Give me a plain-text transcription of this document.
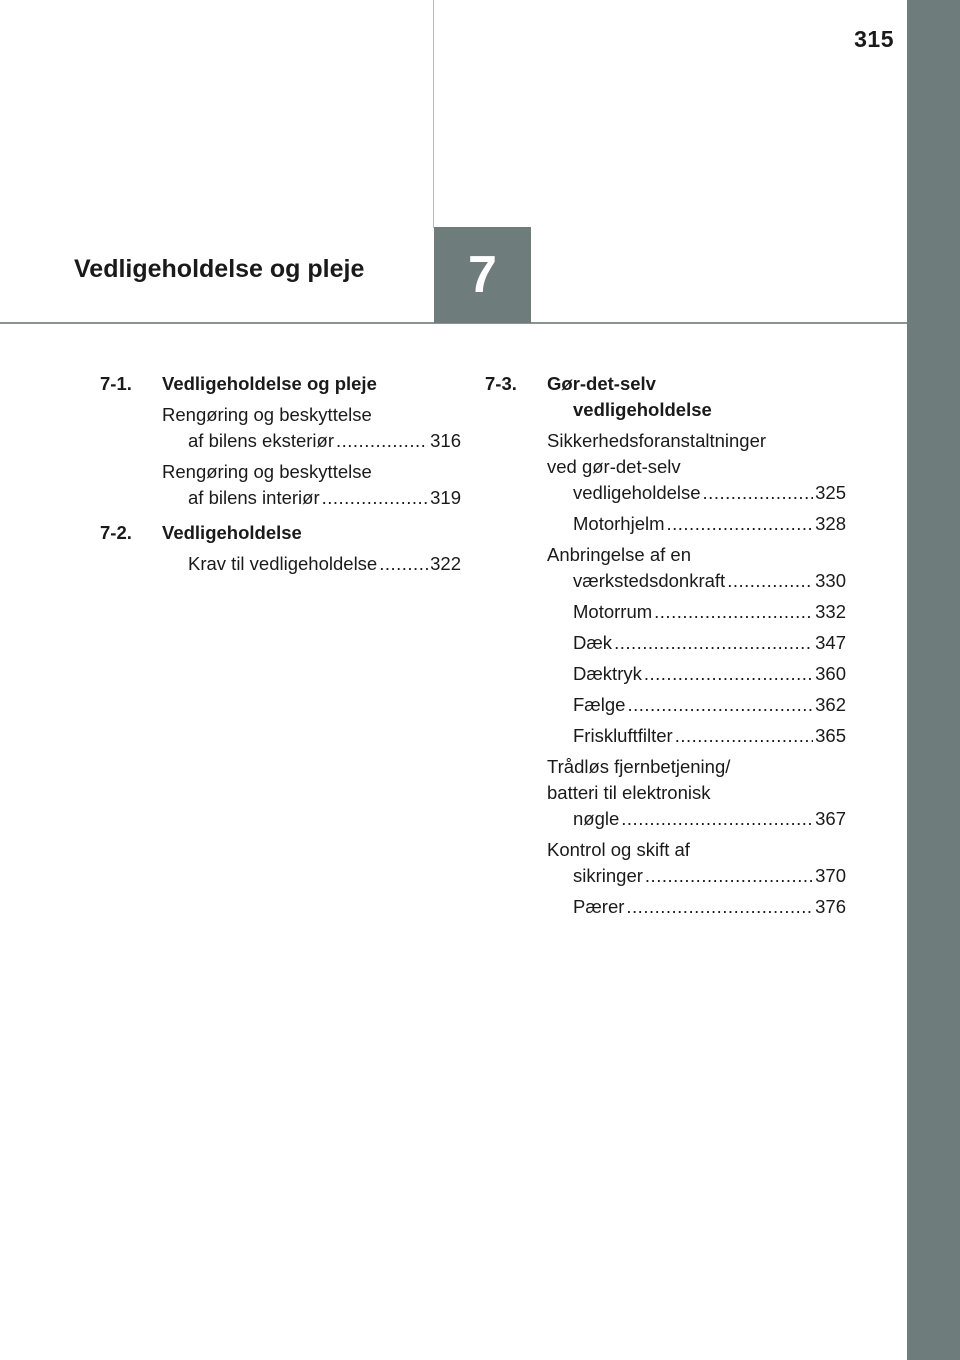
315
7
Vedligeholdelse og pleje
7-1. Vedligeholdelse og pleje
Rengøring og beskyttelse
af bilens eksteriør .....	316
Rengøring og beskyttelse
af bilens interiør .....	319
7-2. Vedligeholdelse
Krav til vedligeholdelse .....	322
7-3. Gør-det-selv
vedligeholdelse
Sikkerhedsforanstaltninger
ved gør-det-selv
vedligeholdelse .....	325
Motorhjelm .....	328
Anbringelse af en
værkstedsdonkraft .....	330
Motorrum .....	332
Dæk .....	347
Dæktryk .....	360
Fælge .....	362
Friskluftfilter .....	365
Trådløs fjernbetjening/
batteri til elektronisk
nøgle .....	367
Kontrol og skift af
sikringer .....	370
Pærer .....	376
